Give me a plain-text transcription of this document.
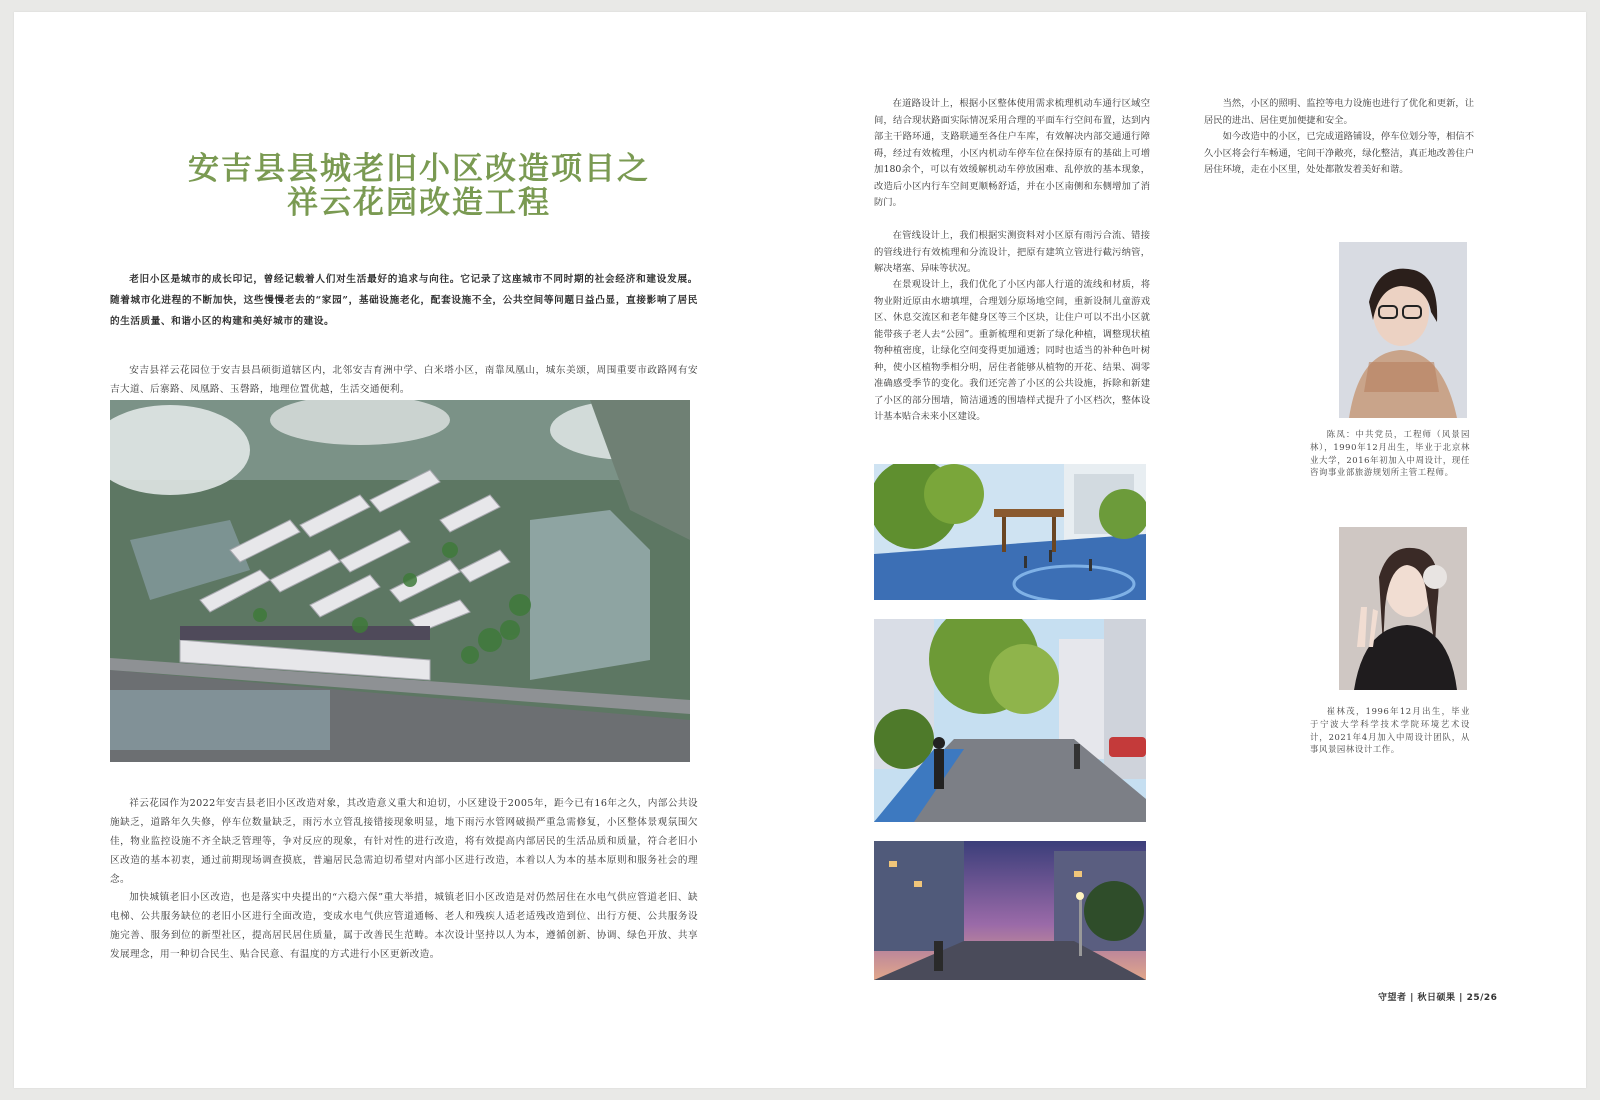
安吉县县城老旧小区改造项目之
祥云花园改造工程

老旧小区是城市的成长印记，曾经记载着人们对生活最好的追求与向往。它记录了这座城市不同时期的社会经济和建设发展。随着城市化进程的不断加快，这些慢慢老去的“家园”，基础设施老化，配套设施不全，公共空间等问题日益凸显，直接影响了居民的生活质量、和谐小区的构建和美好城市的建设。

安吉县祥云花园位于安吉县昌硕街道辖区内，北邻安吉育洲中学、白米塔小区，南靠凤凰山，城东美颂，周围重要市政路网有安吉大道、后寨路、凤凰路、玉磬路，地理位置优越，生活交通便利。

祥云花园作为2022年安吉县老旧小区改造对象，其改造意义重大和迫切，小区建设于2005年，距今已有16年之久，内部公共设施缺乏，道路年久失修，停车位数量缺乏，雨污水立管乱接错接现象明显，地下雨污水管网破损严重急需修复，小区整体景观氛围欠佳，物业监控设施不齐全缺乏管理等，争对反应的现象，有针对性的进行改造，将有效提高内部居民的生活品质和质量，符合老旧小区改造的基本初衷，通过前期现场调查摸底，普遍居民急需迫切希望对内部小区进行改造，本着以人为本的基本原则和服务社会的理念。

加快城镇老旧小区改造，也是落实中央提出的“六稳六保”重大举措，城镇老旧小区改造是对仍然居住在水电气供应管道老旧、缺电梯、公共服务缺位的老旧小区进行全面改造，变成水电气供应管道通畅、老人和残疾人适老适残改造到位、出行方便、公共服务设施完善、服务到位的新型社区，提高居民居住质量，属于改善民生范畴。本次设计坚持以人为本，遵循创新、协调、绿色开放、共享发展理念，用一种切合民生、贴合民意、有温度的方式进行小区更新改造。

在道路设计上，根据小区整体使用需求梳理机动车通行区域空间，结合现状路面实际情况采用合理的平面车行空间布置，达到内部主干路环通，支路联通至各住户车库，有效解决内部交通通行障碍，经过有效梳理，小区内机动车停车位在保持原有的基础上可增加180余个，可以有效缓解机动车停放困难、乱停放的基本现象，改造后小区内行车空间更顺畅舒适，并在小区南侧和东侧增加了消防门。

在管线设计上，我们根据实测资料对小区原有雨污合流、错接的管线进行有效梳理和分流设计，把原有建筑立管进行截污纳管，解决堵塞、异味等状况。

在景观设计上，我们优化了小区内部人行道的流线和材质，将物业附近原由水塘填埋，合理划分原场地空间，重新设制儿童游戏区、休息交流区和老年健身区等三个区块，让住户可以不出小区就能带孩子老人去“公园”。重新梳理和更新了绿化种植，调整现状植物种植密度，让绿化空间变得更加通透；同时也适当的补种色叶树种，使小区植物季相分明，居住者能够从植物的开花、结果、凋零准确感受季节的变化。我们还完善了小区的公共设施，拆除和新建了小区的部分围墙，简洁通透的围墙样式提升了小区档次，整体设计基本贴合未来小区建设。

当然，小区的照明、监控等电力设施也进行了优化和更新，让居民的进出、居住更加便捷和安全。

如今改造中的小区，已完成道路铺设，停车位划分等，相信不久小区将会行车畅通，宅间干净敞亮，绿化整洁，真正地改善住户居住环境，走在小区里，处处都散发着美好和谐。

陈凤：中共党员，工程师（风景园林），1990年12月出生，毕业于北京林业大学，2016年初加入中周设计，现任咨询事业部旅游规划所主管工程师。

崔林茂，1996年12月出生，毕业于宁波大学科学技术学院环境艺术设计，2021年4月加入中周设计团队，从事风景园林设计工作。

守望者 | 秋日硕果 | 25/26
